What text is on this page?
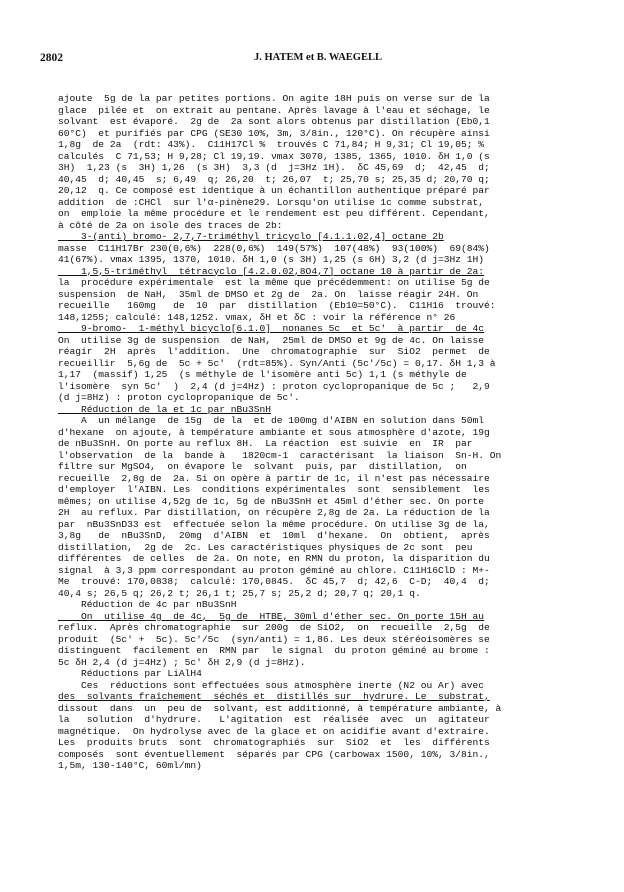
2802	J. HATEM et B. WAEGELL
ajoute  5g de la par petites portions. On agite 18H puis on verse sur de la
glace  pilée et  on extrait au pentane. Après lavage à l'eau et séchage, le
solvant  est évaporé.  2g de  2a sont alors obtenus par distillation (Eb0,1
60°C)  et purifiés par CPG (SE30 10%, 3m, 3/8in., 120°C). On récupère ainsi
1,8g  de 2a  (rdt: 43%).  C11H17Cl %  trouvés C 71,84; H 9,31; Cl 19,05; %
calculés  C 71,53; H 9,28; Cl 19,19. νmax 3070, 1385, 1365, 1010. δH 1,0 (s
3H)  1,23 (s  3H) 1,26  (s 3H)  3,3 (d  j=3Hz 1H).  δC 45,69  d;  42,45  d;
40,45  d; 40,45  s; 6,49  q; 26,20  t; 26,07  t; 25,70 s; 25,35 d; 20,70 q;
20,12  q. Ce composé est identique à un échantillon authentique préparé par
addition  de :CHCl  sur l'α-pinène29. Lorsqu'on utilise 1c comme substrat,
on  emploie la même procédure et le rendement est peu différent. Cependant,
à côté de 2a on isole des traces de 2b:
3-(anti) bromo- 2,7,7-triméthyl tricyclo [4.1.1.02,4] octane 2b
masse  C11H17Br 230(0,6%)  228(0,6%)  149(57%)  107(48%)  93(100%)  69(84%)
41(67%). νmax 1395, 1370, 1010. δH 1,0 (s 3H) 1,25 (s 6H) 3,2 (d j=3Hz 1H)
1,5,5-triméthyl  tétracyclo [4.2.0.02,8O4,7] octane 10 à partir de 2a:
la  procédure expérimentale  est la même que précédemment: on utilise 5g de
suspension  de NaH,  35ml de DMSO et 2g de  2a. On  laisse réagir 24H. On
recueille   160mg   de  10  par  distillation  (Eb10=50°C).  C11H16  trouvé:
148,1255; calculé: 148,1252. νmax, δH et δC : voir la référence n° 26
9-bromo-  1-méthyl bicyclo[6.1.0]  nonanes 5c  et 5c'  à partir  de 4c
On  utilise 3g de suspension  de NaH,  25ml de DMSO et 9g de 4c. On laisse
réagir  2H  après  l'addition.  Une  chromatographie  sur  SiO2  permet  de
recueillir  5,6g de  5c + 5c'  (rdt=85%). Syn/Anti (5c'/5c) = 0,17. δH 1,3 à
1,17  (massif) 1,25  (s méthyle de l'isomère anti 5c) 1,1 (s méthyle de
l'isomère  syn 5c'  )  2,4 (d j=4Hz) : proton cyclopropanique de 5c ;   2,9
(d j=8Hz) : proton cyclopropanique de 5c'.
Réduction de la et 1c par nBu3SnH
A  un mélange  de 15g  de la  et de 100mg d'AIBN en solution dans 50ml
d'hexane  on ajoute, à température ambiante et sous atmosphère d'azote, 19g
de nBu3SnH. On porte au reflux 8H.  La réaction  est suivie  en  IR  par
l'observation  de la  bande à   1820cm-1  caractérisant  la liaison  Sn-H. On
filtre sur MgSO4,  on évapore le  solvant  puis, par  distillation,  on
recueille  2,8g de  2a. Si on opère à partir de 1c, il n'est pas nécessaire
d'employer  l'AIBN. Les  conditions expérimentales  sont  sensiblement  les
mêmes; on utilise 4,52g de 1c, 5g de nBu3SnH et 45ml d'éther sec. On porte
2H  au reflux. Par distillation, on récupère 2,8g de 2a. La réduction de la
par  nBu3SnD33 est  effectuée selon la même procédure. On utilise 3g de la,
3,8g   de  nBu3SnD,  20mg  d'AIBN  et  10ml  d'hexane.  On  obtient,  après
distillation,  2g de  2c. Les caractéristiques physiques de 2c sont  peu
différentes  de celles  de 2a. On note, en RMN du proton, la disparition du
signal  à 3,3 ppm correspondant au proton géminé au chlore. C11H16ClD : M+-
Me  trouvé: 170,0838;  calculé: 170,0845.  δC 45,7  d; 42,6  C-D;  40,4  d;
40,4 s; 26,5 q; 26,2 t; 26,1 t; 25,7 s; 25,2 d; 20,7 q; 20,1 q.
Réduction de 4c par nBu3SnH
On  utilise 4g  de 4c,  5g de  HTBE, 30ml d'éther sec. On porte 15H au
reflux.  Après chromatographie  sur 200g  de SiO2,  on  recueille  2,5g  de
produit  (5c' +  5c). 5c'/5c  (syn/anti) = 1,86. Les deux stéréoisomères se
distinguent  facilement en  RMN par  le signal  du proton géminé au brome :
5c δH 2,4 (d j=4Hz) ; 5c' δH 2,9 (d j=8Hz).
Réductions par LiAlH4
Ces  réductions sont effectuées sous atmosphère inerte (N2 ou Ar) avec
des  solvants fraîchement  séchés et  distillés sur  hydrure. Le  substrat,
dissout  dans  un  peu de  solvant, est additionné, à température ambiante, à
la   solution  d'hydrure.   L'agitation  est  réalisée  avec  un  agitateur
magnétique.  On hydrolyse avec de la glace et on acidifie avant d'extraire.
Les  produits bruts  sont  chromatographiés  sur  SiO2  et  les  différents
composés  sont éventuellement  séparés par CPG (carbowax 1500, 10%, 3/8in.,
1,5m, 130-140°C, 60ml/mn)
